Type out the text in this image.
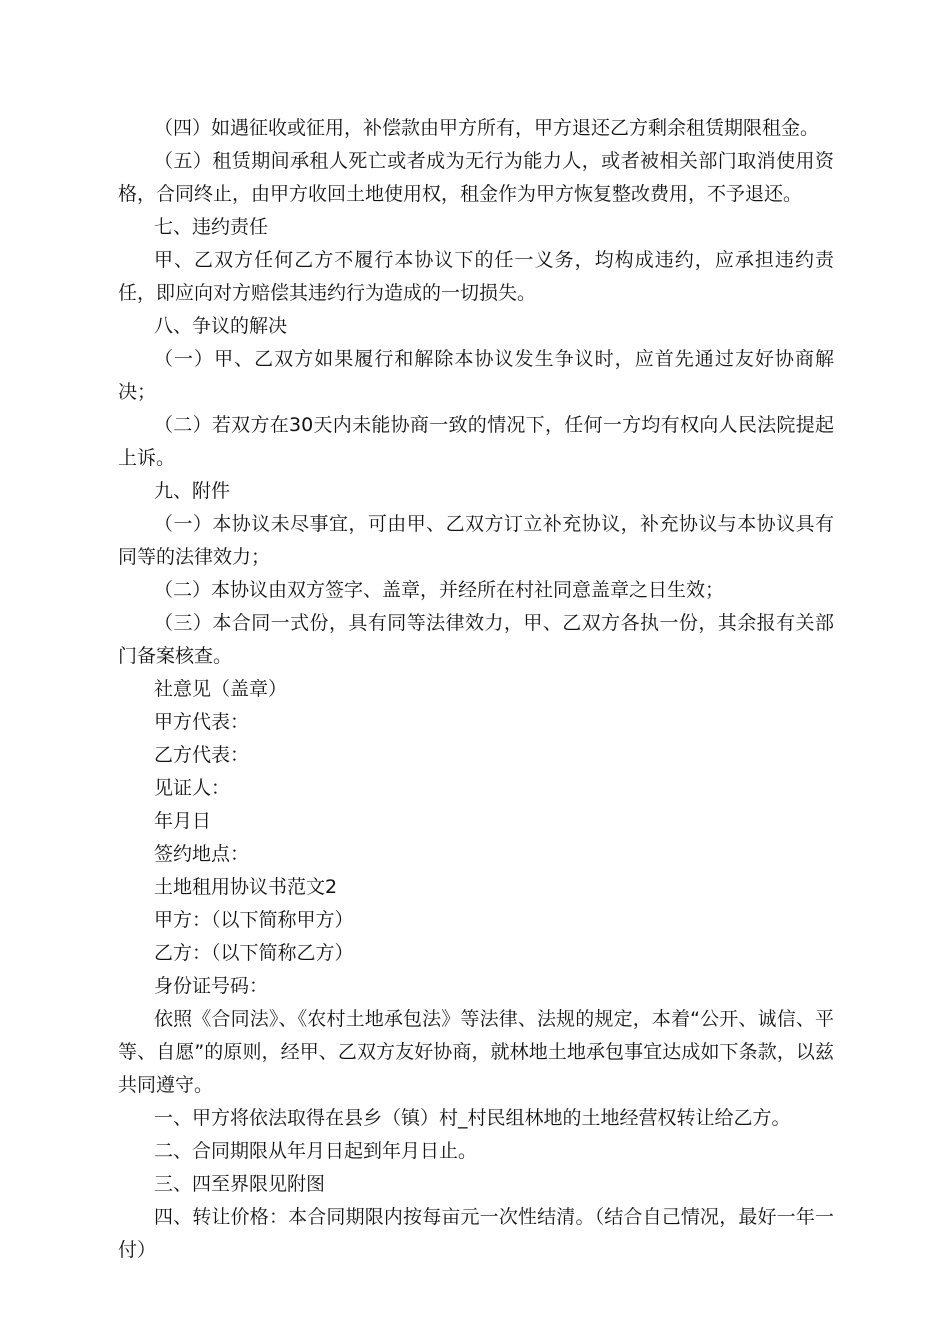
（四）如遇征收或征用，补偿款由甲方所有，甲方退还乙方剩余租赁期限租金。

（五）租赁期间承租人死亡或者成为无行为能力人，或者被相关部门取消使用资格，合同终止，由甲方收回土地使用权，租金作为甲方恢复整改费用，不予退还。

七、违约责任

甲、乙双方任何乙方不履行本协议下的任一义务，均构成违约，应承担违约责任，即应向对方赔偿其违约行为造成的一切损失。

八、争议的解决

（一）甲、乙双方如果履行和解除本协议发生争议时，应首先通过友好协商解决；

（二）若双方在30天内未能协商一致的情况下，任何一方均有权向人民法院提起上诉。

九、附件

（一）本协议未尽事宜，可由甲、乙双方订立补充协议，补充协议与本协议具有同等的法律效力；

（二）本协议由双方签字、盖章，并经所在村社同意盖章之日生效；

（三）本合同一式份，具有同等法律效力，甲、乙双方各执一份，其余报有关部门备案核查。

社意见（盖章）

甲方代表：

乙方代表：

见证人：

年月日

签约地点：

土地租用协议书范文2

甲方：（以下简称甲方）

乙方：（以下简称乙方）

身份证号码：

依照《合同法》、《农村土地承包法》等法律、法规的规定，本着“公开、诚信、平等、自愿”的原则，经甲、乙双方友好协商，就林地土地承包事宜达成如下条款，以兹共同遵守。

一、甲方将依法取得在县乡（镇）村_村民组林地的土地经营权转让给乙方。

二、合同期限从年月日起到年月日止。

三、四至界限见附图

四、转让价格：本合同期限内按每亩元一次性结清。（结合自己情况，最好一年一付）
